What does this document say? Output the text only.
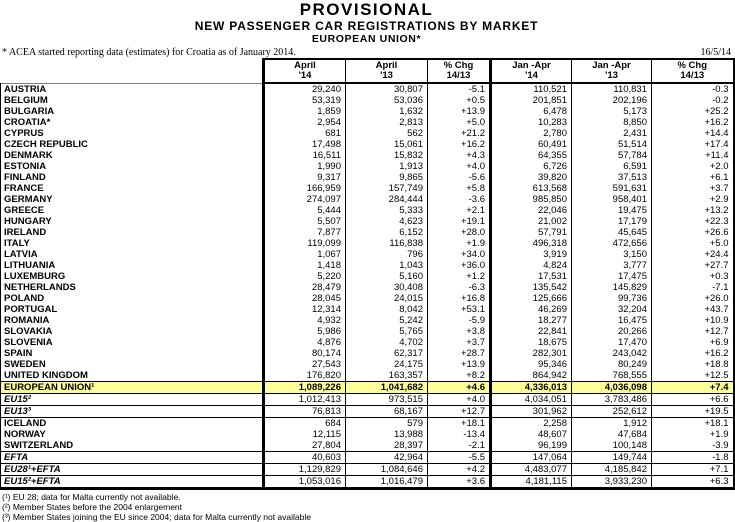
PROVISIONAL
NEW PASSENGER CAR REGISTRATIONS BY MARKET
EUROPEAN UNION*
* ACEA started reporting data (estimates) for Croatia as of January 2014.	16/5/14

April
'14

April
'13

% Chg
14/13

Jan -Apr
'14

Jan -Apr
'13

% Chg
14/13

AUSTRIA	29,240	30,807	-5.1	110,521	110,831	-0.3
BELGIUM	53,319	53,036	+0.5	201,851	202,196	-0.2
BULGARIA	1,859	1,632	+13.9	6,478	5,173	+25.2
CROATIA*	2,954	2,813	+5.0	10,283	8,850	+16.2
CYPRUS	681	562	+21.2	2,780	2,431	+14.4
CZECH REPUBLIC	17,498	15,061	+16.2	60,491	51,514	+17.4
DENMARK	16,511	15,832	+4.3	64,355	57,784	+11.4
ESTONIA	1,990	1,913	+4.0	6,726	6,591	+2.0
FINLAND	9,317	9,865	-5.6	39,820	37,513	+6.1
FRANCE	166,959	157,749	+5.8	613,568	591,631	+3.7
GERMANY	274,097	284,444	-3.6	985,850	958,401	+2.9
GREECE	5,444	5,333	+2.1	22,046	19,475	+13.2
HUNGARY	5,507	4,623	+19.1	21,002	17,179	+22.3
IRELAND	7,877	6,152	+28.0	57,791	45,645	+26.6
ITALY	119,099	116,838	+1.9	496,318	472,656	+5.0
LATVIA	1,067	796	+34.0	3,919	3,150	+24.4
LITHUANIA	1,418	1,043	+36.0	4,824	3,777	+27.7
LUXEMBURG	5,220	5,160	+1.2	17,531	17,475	+0.3
NETHERLANDS	28,479	30,408	-6.3	135,542	145,829	-7.1
POLAND	28,045	24,015	+16.8	125,666	99,736	+26.0
PORTUGAL	12,314	8,042	+53.1	46,269	32,204	+43.7
ROMANIA	4,932	5,242	-5.9	18,277	16,475	+10.9
SLOVAKIA	5,986	5,765	+3.8	22,841	20,266	+12.7
SLOVENIA	4,876	4,702	+3.7	18,675	17,470	+6.9
SPAIN	80,174	62,317	+28.7	282,301	243,042	+16.2
SWEDEN	27,543	24,175	+13.9	95,346	80,249	+18.8
UNITED KINGDOM	176,820	163,357	+8.2	864,942	768,555	+12.5
EUROPEAN UNION¹	1,089,226	1,041,682	+4.6	4,336,013	4,036,098	+7.4
EU15²	1,012,413	973,515	+4.0	4,034,051	3,783,486	+6.6
EU13³	76,813	68,167	+12.7	301,962	252,612	+19.5
ICELAND	684	579	+18.1	2,258	1,912	+18.1
NORWAY	12,115	13,988	-13.4	48,607	47,684	+1.9
SWITZERLAND	27,804	28,397	-2.1	96,199	100,148	-3.9
EFTA	40,603	42,964	-5.5	147,064	149,744	-1.8
EU28¹+EFTA	1,129,829	1,084,646	+4.2	4,483,077	4,185,842	+7.1
EU15²+EFTA	1,053,016	1,016,479	+3.6	4,181,115	3,933,230	+6.3
(¹) EU 28; data for Malta currently not available.
(²) Member States before the 2004 enlargement
(³) Member States joining the EU since 2004; data for Malta currently not available
